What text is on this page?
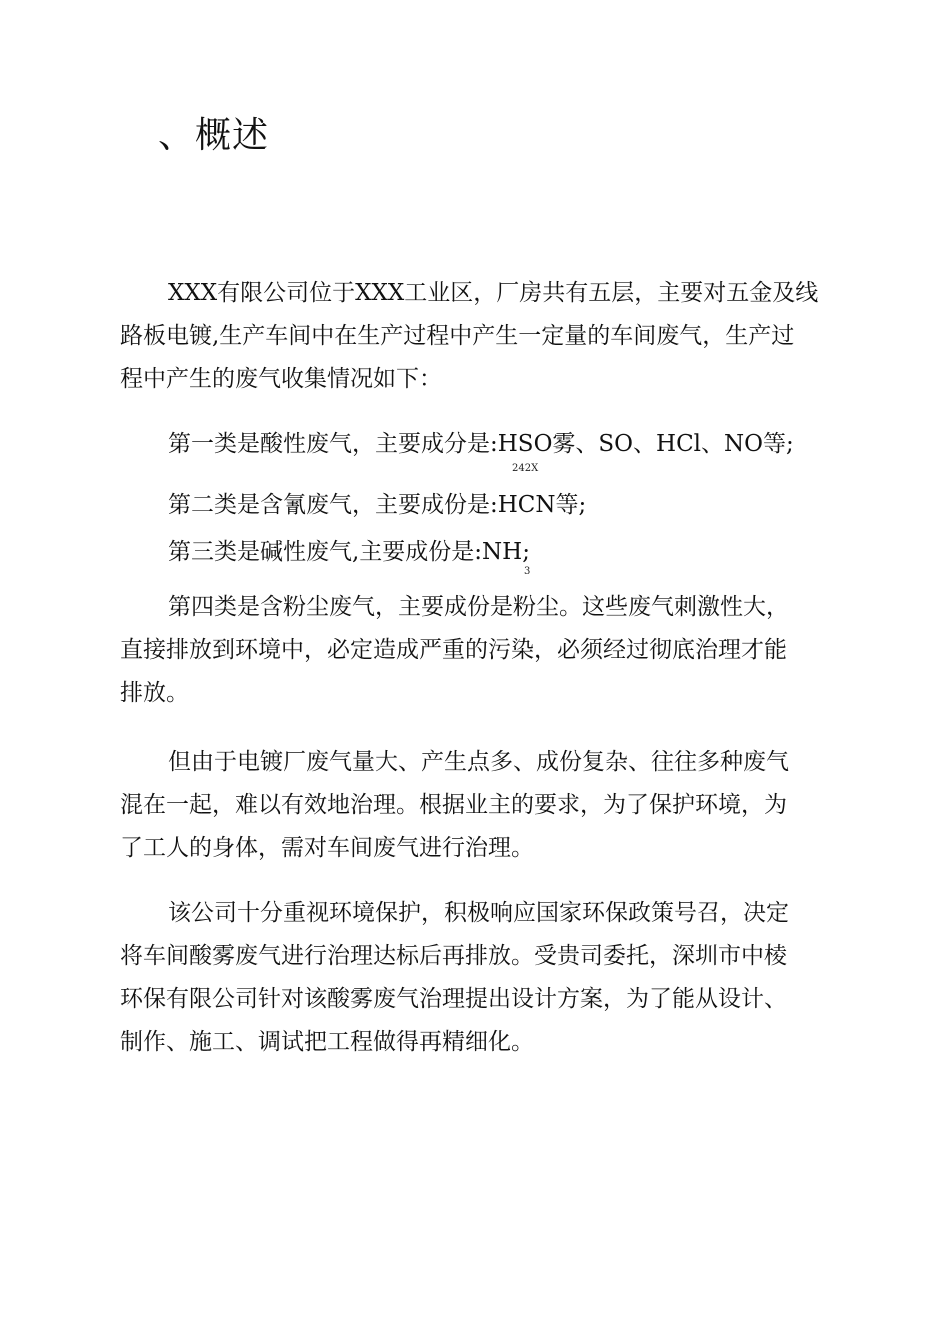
、概述
XXX有限公司位于XXX工业区，厂房共有五层，主要对五金及线
路板电镀,生产车间中在生产过程中产生一定量的车间废气，生产过
程中产生的废气收集情况如下：
第一类是酸性废气，主要成分是:HSO雾、SO、HCl、NO等;
242X
第二类是含氰废气，主要成份是:HCN等;
第三类是碱性废气,主要成份是:NH;
3
第四类是含粉尘废气，主要成份是粉尘。这些废气刺激性大，
直接排放到环境中，必定造成严重的污染，必须经过彻底治理才能
排放。
但由于电镀厂废气量大、产生点多、成份复杂、往往多种废气
混在一起，难以有效地治理。根据业主的要求，为了保护环境，为
了工人的身体，需对车间废气进行治理。
该公司十分重视环境保护，积极响应国家环保政策号召，决定
将车间酸雾废气进行治理达标后再排放。受贵司委托，深圳市中棱
环保有限公司针对该酸雾废气治理提出设计方案，为了能从设计、
制作、施工、调试把工程做得再精细化。
